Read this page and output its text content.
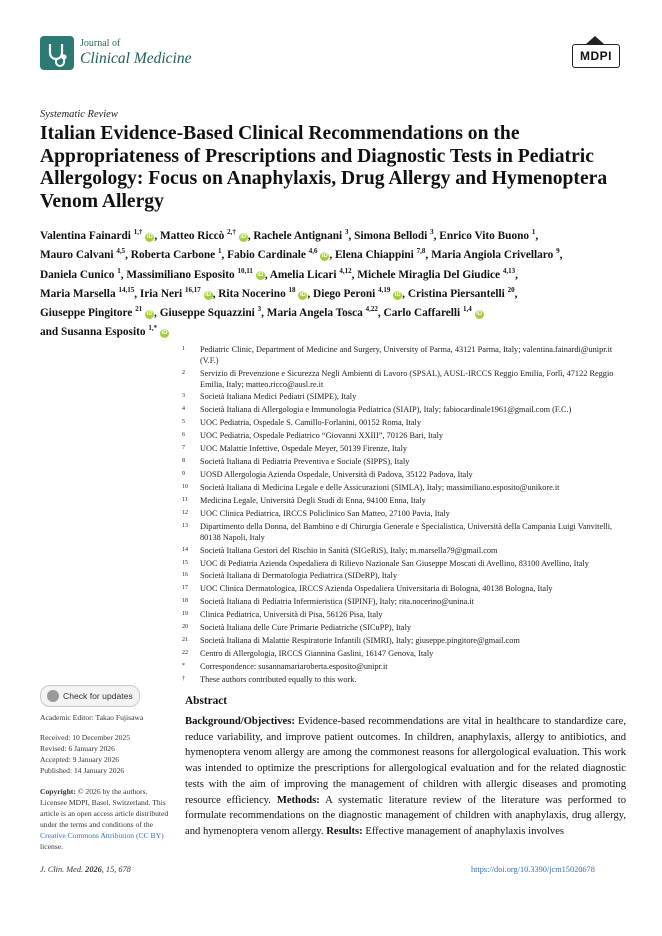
Journal of
Clinical Medicine	MDPI
Systematic Review
Italian Evidence-Based Clinical Recommendations on the Appropriateness of Prescriptions and Diagnostic Tests in Pediatric Allergology: Focus on Anaphylaxis, Drug Allergy and Hymenoptera Venom Allergy
Valentina Fainardi $^{1,\dagger}$ iD , Matteo Riccò $^{2,\dagger}$ iD , Rachele Antignani $^3$, Simona Bellodi $^3$, Enrico Vito Buono $^1$,
Mauro Calvani $^{4,5}$, Roberta Carbone $^1$, Fabio Cardinale $^{4,6}$ iD , Elena Chiappini $^{7,8}$, Maria Angiola Crivellaro $^9$,
Daniela Cunico $^1$, Massimiliano Esposito $^{10,11}$ iD , Amelia Licari $^{4,12}$, Michele Miraglia Del Giudice $^{4,13}$,
Maria Marsella $^{14,15}$, Iria Neri $^{16,17}$ iD , Rita Nocerino $^{18}$ iD , Diego Peroni $^{4,19}$ iD , Cristina Piersantelli $^{20}$,
Giuseppe Pingitore $^{21}$ iD , Giuseppe Squazzini $^3$, Maria Angela Tosca $^{4,22}$, Carlo Caffarelli $^{1,4}$ iD
and Susanna Esposito $^{1,*}$ iD
1 Pediatric Clinic, Department of Medicine and Surgery, University of Parma, 43121 Parma, Italy; valentina.fainardi@unipr.it (V.F.)
2 Servizio di Prevenzione e Sicurezza Negli Ambienti di Lavoro (SPSAL), AUSL-IRCCS Reggio Emilia, Forlì, 47122 Reggio Emilia, Italy; matteo.ricco@ausl.re.it
3 Società Italiana Medici Pediatri (SIMPE), Italy
4 Società Italiana di Allergologia e Immunologia Pediatrica (SIAIP), Italy; fabiocardinale1961@gmail.com (F.C.)
5 UOC Pediatria, Ospedale S. Camillo-Forlanini, 00152 Roma, Italy
6 UOC Pediatria, Ospedale Pediatrico “Giovanni XXIII”, 70126 Bari, Italy
7 UOC Malattie Infettive, Ospedale Meyer, 50139 Firenze, Italy
8 Società Italiana di Pediatria Preventiva e Sociale (SIPPS), Italy
9 UOSD Allergologia Azienda Ospedale, Università di Padova, 35122 Padova, Italy
10 Società Italiana di Medicina Legale e delle Assicurazioni (SIMLA), Italy; massimiliano.esposito@unikore.it
11 Medicina Legale, Università Degli Studi di Enna, 94100 Enna, Italy
12 UOC Clinica Pediatrica, IRCCS Policlinico San Matteo, 27100 Pavia, Italy
13 Dipartimento della Donna, del Bambino e di Chirurgia Generale e Specialistica, Università della Campania Luigi Vanvitelli, 80138 Napoli, Italy
14 Società Italiana Gestori del Rischio in Sanità (SIGeRiS), Italy; m.marsella79@gmail.com
15 UOC di Pediatria Azienda Ospedaliera di Rilievo Nazionale San Giuseppe Moscati di Avellino, 83100 Avellino, Italy
16 Società Italiana di Dermatologia Pediatrica (SIDeRP), Italy
17 UOC Clinica Dermatologica, IRCCS Azienda Ospedaliera Universitaria di Bologna, 40138 Bologna, Italy
18 Società Italiana di Pediatria Infermieristica (SIPINF), Italy; rita.nocerino@unina.it
19 Clinica Pediatrica, Università di Pisa, 56126 Pisa, Italy
20 Società Italiana delle Cure Primarie Pediatriche (SICuPP), Italy
21 Società Italiana di Malattie Respiratorie Infantili (SIMRI), Italy; giuseppe.pingitore@gmail.com
22 Centro di Allergologia, IRCCS Giannina Gaslini, 16147 Genova, Italy
* Correspondence: susannamariaroberta.esposito@unipr.it
† These authors contributed equally to this work.
Check for updates
Academic Editor: Takao Fujisawa
Received: 10 December 2025
Revised: 6 January 2026
Accepted: 9 January 2026
Published: 14 January 2026
Copyright: © 2026 by the authors. Licensee MDPI, Basel, Switzerland. This article is an open access article distributed under the terms and conditions of the Creative Commons Attribution (CC BY) license.
Abstract
Background/Objectives: Evidence-based recommendations are vital in healthcare to standardize care, reduce variability, and improve patient outcomes. In children, anaphylaxis, allergy to antibiotics, and hymenoptera venom allergy are among the commonest reasons for allergological evaluation. This work was intended to optimize the prescriptions for allergological evaluation and for the related diagnostic tests with the aim of improving the management of children with allergic diseases and promoting resource efficiency. Methods: A systematic literature review of the literature was performed to formulate recommendations on the diagnostic management of children with anaphylaxis, drug allergy, and hymenoptera venom allergy. Results: Effective management of anaphylaxis involves
J. Clin. Med. 2026, 15, 678	https://doi.org/10.3390/jcm15020678
